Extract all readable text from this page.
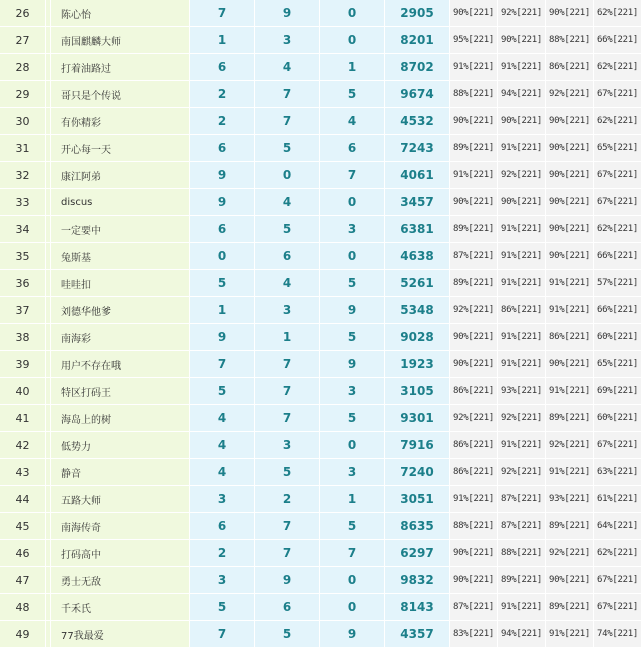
26		陈心怡	7	9	0	2905	90%[221]	92%[221]	90%[221]	62%[221]
27		南国麒麟大师	1	3	0	8201	95%[221]	90%[221]	88%[221]	66%[221]
28		打着油路过	6	4	1	8702	91%[221]	91%[221]	86%[221]	62%[221]
29		哥只是个传说	2	7	5	9674	88%[221]	94%[221]	92%[221]	67%[221]
30		有你精彩	2	7	4	4532	90%[221]	90%[221]	90%[221]	62%[221]
31		开心每一天	6	5	6	7243	89%[221]	91%[221]	90%[221]	65%[221]
32		康江阿弟	9	0	7	4061	91%[221]	92%[221]	90%[221]	67%[221]
33		discus	9	4	0	3457	90%[221]	90%[221]	90%[221]	67%[221]
34		一定要中	6	5	3	6381	89%[221]	91%[221]	90%[221]	62%[221]
35		兔斯基	0	6	0	4638	87%[221]	91%[221]	90%[221]	66%[221]
36		哇哇扣	5	4	5	5261	89%[221]	91%[221]	91%[221]	57%[221]
37		刘德华他爹	1	3	9	5348	92%[221]	86%[221]	91%[221]	66%[221]
38		南海彩	9	1	5	9028	90%[221]	91%[221]	86%[221]	60%[221]
39		用户不存在哦	7	7	9	1923	90%[221]	91%[221]	90%[221]	65%[221]
40		特区打码王	5	7	3	3105	86%[221]	93%[221]	91%[221]	69%[221]
41		海岛上的树	4	7	5	9301	92%[221]	92%[221]	89%[221]	60%[221]
42		低势力	4	3	0	7916	86%[221]	91%[221]	92%[221]	67%[221]
43		静音	4	5	3	7240	86%[221]	92%[221]	91%[221]	63%[221]
44		五路大师	3	2	1	3051	91%[221]	87%[221]	93%[221]	61%[221]
45		南海传奇	6	7	5	8635	88%[221]	87%[221]	89%[221]	64%[221]
46		打码高中	2	7	7	6297	90%[221]	88%[221]	92%[221]	62%[221]
47		勇士无敌	3	9	0	9832	90%[221]	89%[221]	90%[221]	67%[221]
48		千禾氏	5	6	0	8143	87%[221]	91%[221]	89%[221]	67%[221]
49		77我最爱	7	5	9	4357	83%[221]	94%[221]	91%[221]	74%[221]
